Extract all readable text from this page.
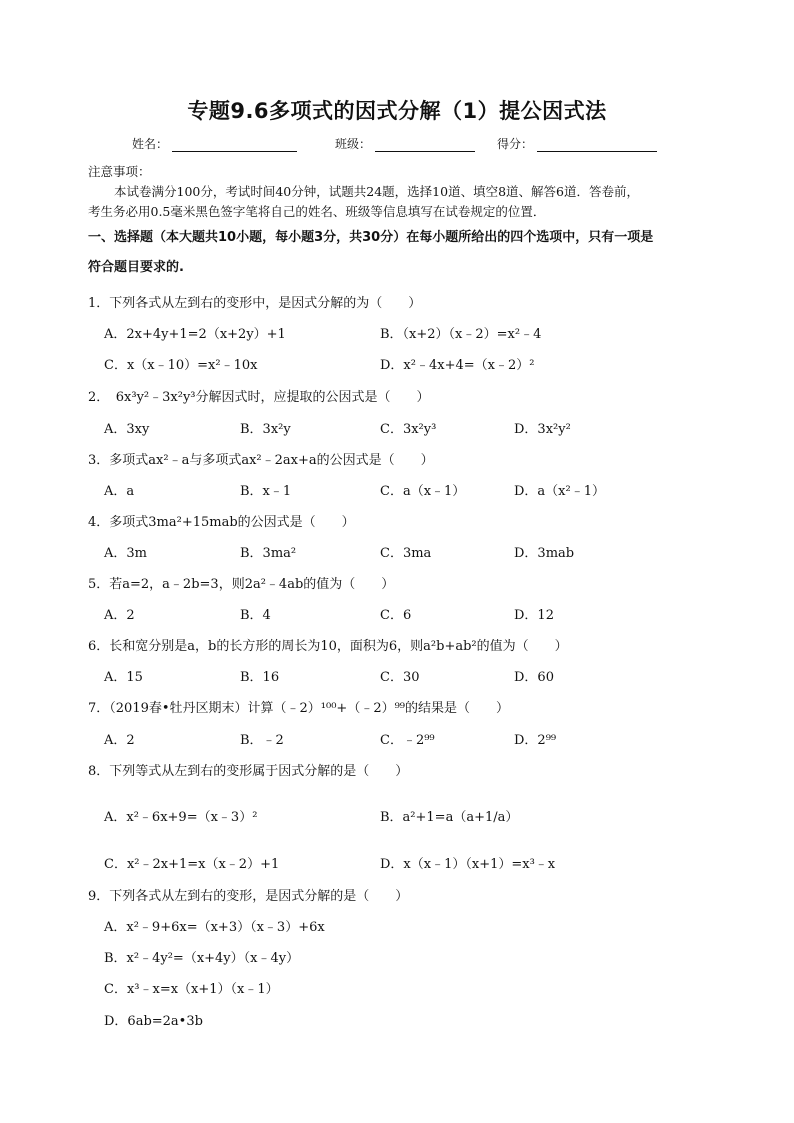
专题9.6多项式的因式分解（1）提公因式法
姓名：	班级：	得分：
注意事项：
本试卷满分100分，考试时间40分钟，试题共24题，选择10道、填空8道、解答6道．答卷前，
考生务必用0.5毫米黑色签字笔将自己的姓名、班级等信息填写在试卷规定的位置．
一、选择题（本大题共10小题，每小题3分，共30分）在每小题所给出的四个选项中，只有一项是
符合题目要求的.
1．下列各式从左到右的变形中，是因式分解的为（　　）
A．2x+4y+1=2（x+2y）+1	B．（x+2）（x﹣2）=x²﹣4
C．x（x﹣10）=x²﹣10x	D．x²﹣4x+4=（x﹣2）²
2．　6x³y²﹣3x²y³分解因式时，应提取的公因式是（　　）
A．3xy	B．3x²y	C．3x²y³	D．3x²y²
3．多项式ax²﹣a与多项式ax²﹣2ax+a的公因式是（　　）
A．a	B．x﹣1	C．a（x﹣1）	D．a（x²﹣1）
4．多项式3ma²+15mab的公因式是（　　）
A．3m	B．3ma²	C．3ma	D．3mab
5．若a=2，a﹣2b=3，则2a²﹣4ab的值为（　　）
A．2	B．4	C．6	D．12
6．长和宽分别是a，b的长方形的周长为10，面积为6，则a²b+ab²的值为（　　）
A．15	B．16	C．30	D．60
7．（2019春•牡丹区期末）计算（﹣2）¹⁰⁰+（﹣2）⁹⁹的结果是（　　）
A．2	B．﹣2	C．﹣2⁹⁹	D．2⁹⁹
8．下列等式从左到右的变形属于因式分解的是（　　）
A．x²﹣6x+9=（x﹣3）²	B．a²+1=a（a+1/a）
C．x²﹣2x+1=x（x﹣2）+1	D．x（x﹣1）（x+1）=x³﹣x
9．下列各式从左到右的变形，是因式分解的是（　　）
A．x²﹣9+6x=（x+3）（x﹣3）+6x
B．x²﹣4y²=（x+4y）（x﹣4y）
C．x³﹣x=x（x+1）（x﹣1）
D．6ab=2a•3b
